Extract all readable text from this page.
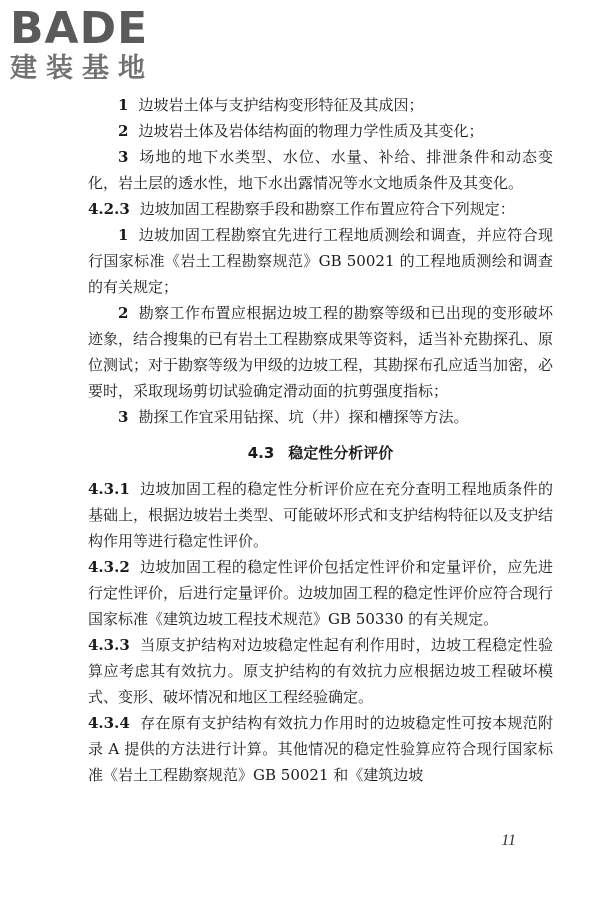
BADE
建装基地

1 边坡岩土体与支护结构变形特征及其成因；

2 边坡岩土体及岩体结构面的物理力学性质及其变化；

3 场地的地下水类型、水位、水量、补给、排泄条件和动态变化，岩土层的透水性，地下水出露情况等水文地质条件及其变化。

4.2.3 边坡加固工程勘察手段和勘察工作布置应符合下列规定：

1 边坡加固工程勘察宜先进行工程地质测绘和调查，并应符合现行国家标准《岩土工程勘察规范》GB 50021 的工程地质测绘和调查的有关规定；

2 勘察工作布置应根据边坡工程的勘察等级和已出现的变形破坏迹象，结合搜集的已有岩土工程勘察成果等资料，适当补充勘探孔、原位测试；对于勘察等级为甲级的边坡工程，其勘探布孔应适当加密，必要时，采取现场剪切试验确定滑动面的抗剪强度指标；

3 勘探工作宜采用钻探、坑（井）探和槽探等方法。

4.3 稳定性分析评价

4.3.1 边坡加固工程的稳定性分析评价应在充分查明工程地质条件的基础上，根据边坡岩土类型、可能破坏形式和支护结构特征以及支护结构作用等进行稳定性评价。

4.3.2 边坡加固工程的稳定性评价包括定性评价和定量评价，应先进行定性评价，后进行定量评价。边坡加固工程的稳定性评价应符合现行国家标准《建筑边坡工程技术规范》GB 50330 的有关规定。

4.3.3 当原支护结构对边坡稳定性起有利作用时，边坡工程稳定性验算应考虑其有效抗力。原支护结构的有效抗力应根据边坡工程破坏模式、变形、破坏情况和地区工程经验确定。

4.3.4 存在原有支护结构有效抗力作用时的边坡稳定性可按本规范附录 A 提供的方法进行计算。其他情况的稳定性验算应符合现行国家标准《岩土工程勘察规范》GB 50021 和《建筑边坡

11
